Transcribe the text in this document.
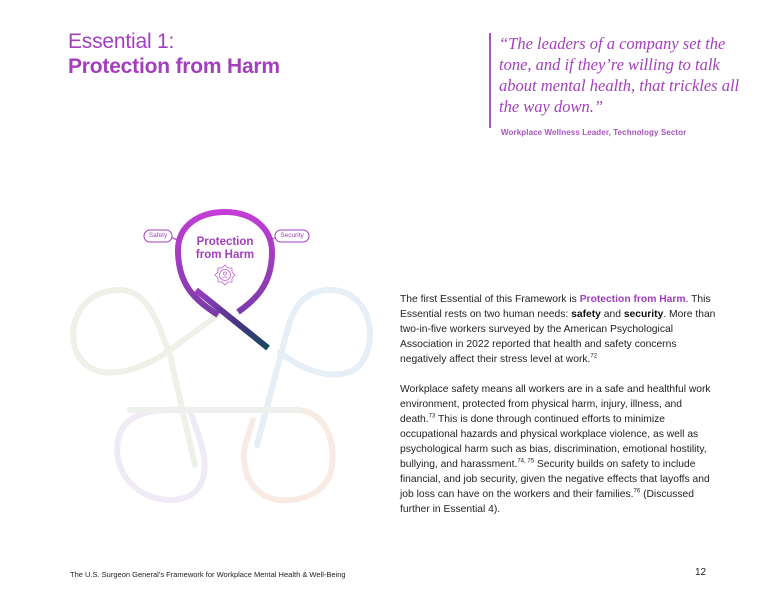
Essential 1:
Protection from Harm
“The leaders of a company set the tone, and if they’re willing to talk about mental health, that trickles all the way down.”
Workplace Wellness Leader, Technology Sector
Protection
from Harm
Safety	Security

The first Essential of this Framework is Protection from Harm. This Essential rests on two human needs: safety and security. More than two-in-five workers surveyed by the American Psychological Association in 2022 reported that health and safety concerns negatively affect their stress level at work.$^{72}$

Workplace safety means all workers are in a safe and healthful work environment, protected from physical harm, injury, illness, and death.$^{73}$ This is done through continued efforts to minimize occupational hazards and physical workplace violence, as well as psychological harm such as bias, discrimination, emotional hostility, bullying, and harassment.$^{74, 75}$ Security builds on safety to include financial, and job security, given the negative effects that layoffs and job loss can have on the workers and their families.$^{76}$ (Discussed further in Essential 4).

The U.S. Surgeon General’s Framework for Workplace Mental Health & Well-Being	12
